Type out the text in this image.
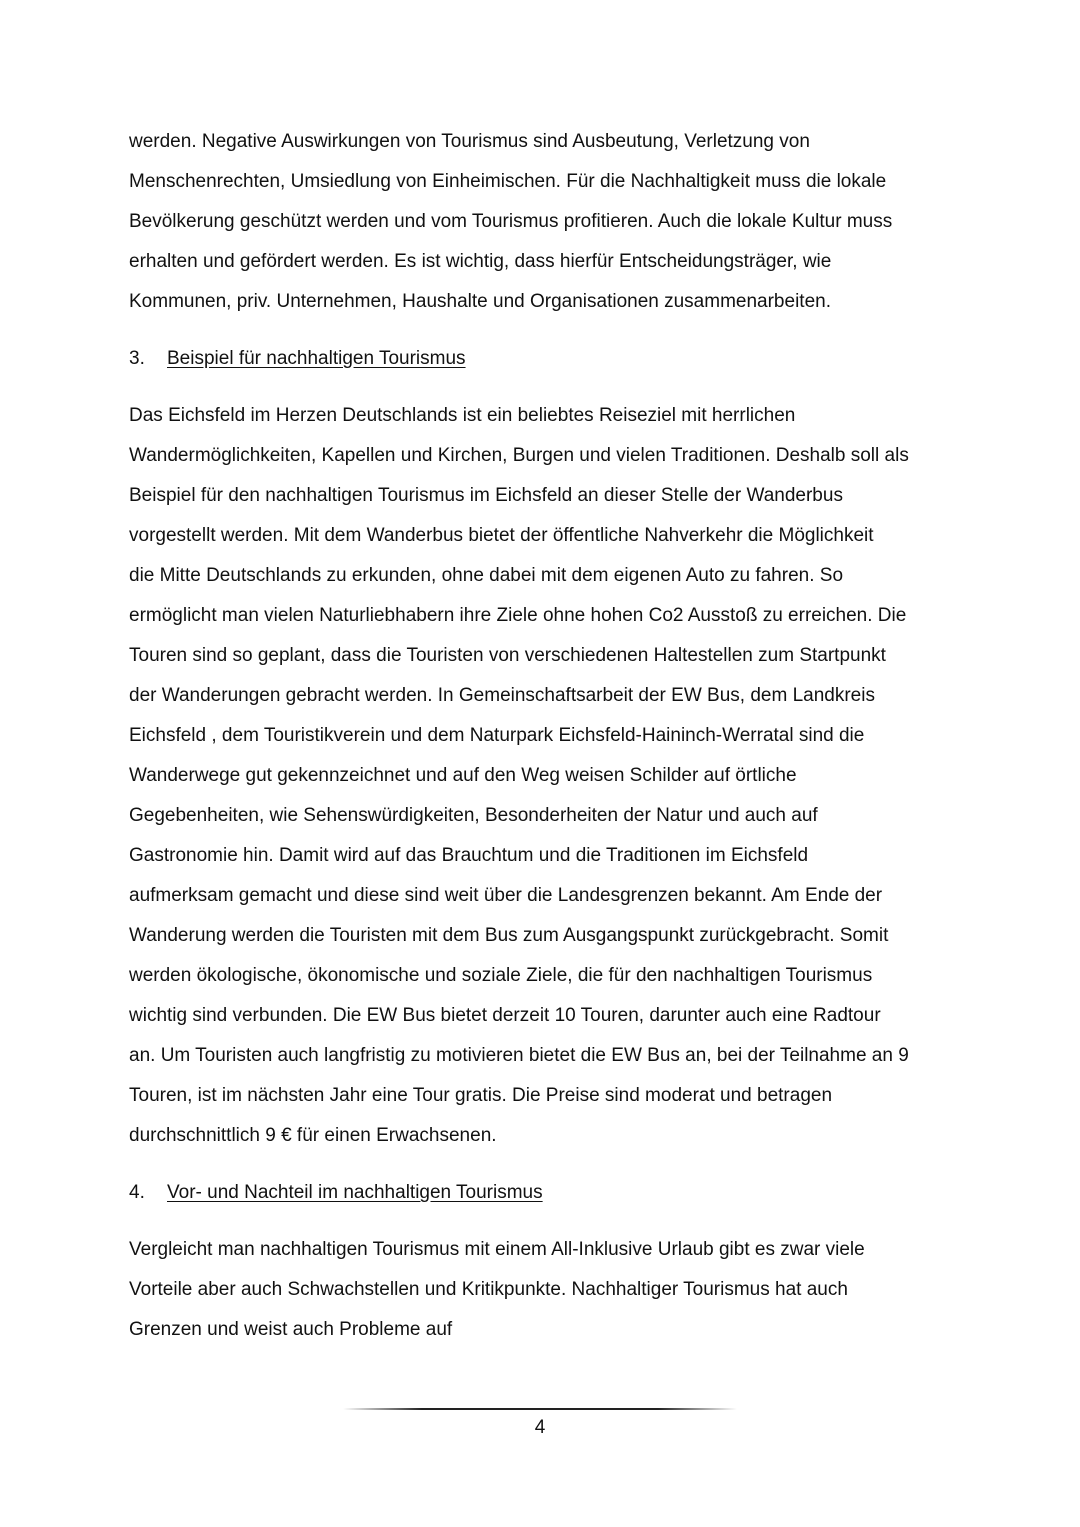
werden. Negative Auswirkungen von Tourismus sind Ausbeutung, Verletzung von
Menschenrechten, Umsiedlung von Einheimischen. Für die Nachhaltigkeit muss die lokale
Bevölkerung geschützt werden und vom Tourismus profitieren. Auch die lokale Kultur muss
erhalten und gefördert werden. Es ist wichtig, dass hierfür Entscheidungsträger, wie
Kommunen, priv. Unternehmen, Haushalte und Organisationen zusammenarbeiten.
3. Beispiel für nachhaltigen Tourismus
Das Eichsfeld im Herzen Deutschlands ist ein beliebtes Reiseziel mit herrlichen
Wandermöglichkeiten, Kapellen und Kirchen, Burgen und vielen Traditionen. Deshalb soll als
Beispiel für den nachhaltigen Tourismus im Eichsfeld an dieser Stelle der Wanderbus
vorgestellt werden. Mit dem Wanderbus bietet der öffentliche Nahverkehr die Möglichkeit
die Mitte Deutschlands zu erkunden, ohne dabei mit dem eigenen Auto zu fahren. So
ermöglicht man vielen Naturliebhabern ihre Ziele ohne hohen Co2 Ausstoß zu erreichen. Die
Touren sind so geplant, dass die Touristen von verschiedenen Haltestellen zum Startpunkt
der Wanderungen gebracht werden. In Gemeinschaftsarbeit der EW Bus, dem Landkreis
Eichsfeld , dem Touristikverein und dem Naturpark Eichsfeld-Haininch-Werratal sind die
Wanderwege gut gekennzeichnet und auf den Weg weisen Schilder auf örtliche
Gegebenheiten, wie Sehenswürdigkeiten, Besonderheiten der Natur und auch auf
Gastronomie hin. Damit wird auf das Brauchtum und die Traditionen im Eichsfeld
aufmerksam gemacht und diese sind weit über die Landesgrenzen bekannt. Am Ende der
Wanderung werden die Touristen mit dem Bus zum Ausgangspunkt zurückgebracht. Somit
werden ökologische, ökonomische und soziale Ziele, die für den nachhaltigen Tourismus
wichtig sind verbunden. Die EW Bus bietet derzeit 10 Touren, darunter auch eine Radtour
an. Um Touristen auch langfristig zu motivieren bietet die EW Bus an, bei der Teilnahme an 9
Touren, ist im nächsten Jahr eine Tour gratis. Die Preise sind moderat und betragen
durchschnittlich 9 € für einen Erwachsenen.
4. Vor- und Nachteil im nachhaltigen Tourismus
Vergleicht man nachhaltigen Tourismus mit einem All-Inklusive Urlaub gibt es zwar viele
Vorteile aber auch Schwachstellen und Kritikpunkte. Nachhaltiger Tourismus hat auch
Grenzen und weist auch Probleme auf
4
